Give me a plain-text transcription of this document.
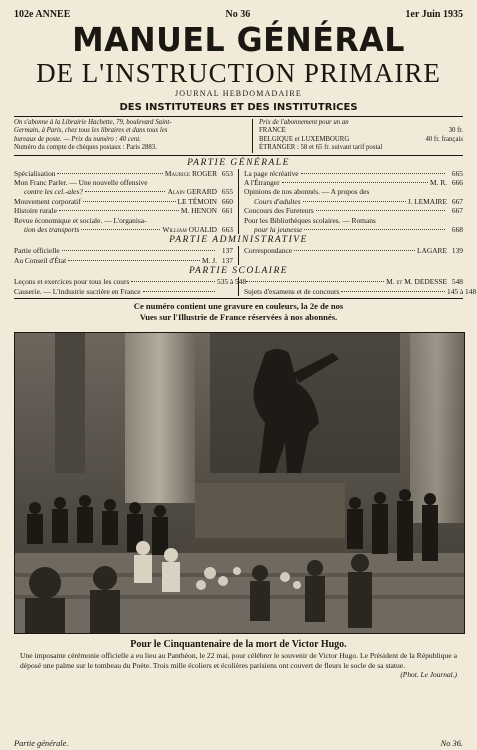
102e ANNEE	No 36	1er Juin 1935
MANUEL GÉNÉRAL
DE L'INSTRUCTION PRIMAIRE
JOURNAL HEBDOMADAIRE
DES INSTITUTEURS ET DES INSTITUTRICES
On s'abonne à la Librairie Hachette, 79, boulevard Saint-
Germain, à Paris, chez tous les libraires et dans tous les
bureaux de poste. — Prix du numéro : 40 cent.
Numéro du compte de chèques postaux : Paris 2883.
Prix de l'abonnement pour un an
FRANCE	30 fr.
BELGIQUE et LUXEMBOURG	40 fr. français
ÉTRANGER : 58 et 65 fr. suivant tarif postal
PARTIE GÉNÉRALE
Spécialisation	Maurice ROGER 653
Mon Franc Parler. — Une nouvelle offensive
contre les cel.-ales?	Alain GERARD 655
Mouvement corporatif	LE TÉMOIN 660
Histoire rurale	M. HENON 661
Revue économique et sociale. — L'organisa-
tion des transports	William OUALID 663
La page récréative	665
A l'Étranger	M. R. 666
Opinions de nos abonnés. — A propos des
Cours d'adultes	J. LEMAIRE 667
Concours des Fureteurs	667
Pour les Bibliothèques scolaires. — Romans
pour la jeunesse	668
PARTIE ADMINISTRATIVE
Partie officielle	137
Au Conseil d'État	M. J. 137
Correspondance	LAGARE 139
PARTIE SCOLAIRE
Leçons et exercices pour tous les cours	535 à 548
Causerie. — L'industrie sucrière en France
M. et M. DEDESSE 548
Sujets d'examens et de concours	145 à 148
Ce numéro contient une gravure en couleurs, la 2e de nos
Vues sur l'Illustrie de France réservées à nos abonnés.
Pour le Cinquantenaire de la mort de Victor Hugo.
Une imposante cérémonie officielle a eu lieu au Panthéon, le 22 mai, pour célébrer le souvenir de Victor Hugo. Le Président de la République a déposé une palme sur le tombeau du Poète. Trois mille écoliers et écolières parisiens ont couvert de fleurs le socle de sa statue.
(Phot. Le Journal.)
Partie générale.	No 36.
